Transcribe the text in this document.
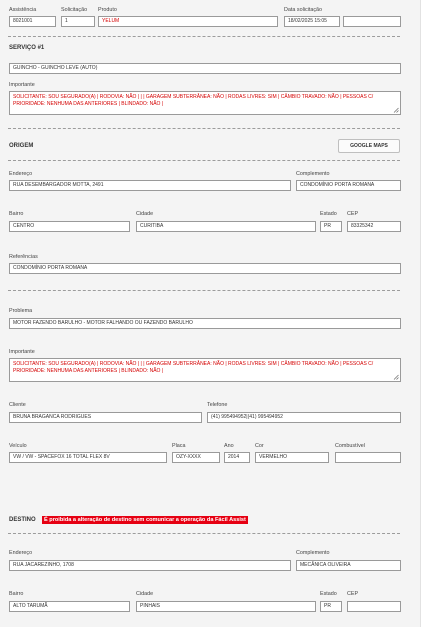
Assistência
8021001
Solicitação
1
Produto
YELUM
Data solicitação
18/02/2025 15:05
SERVIÇO #1
GUINCHO - GUINCHO LEVE (AUTO)
Importante
SOLICITANTE: SOU SEGURADO(A) | RODOVIA: NÃO | | | GARAGEM SUBTERRÂNEA: NÃO | RODAS LIVRES: SIM | CÂMBIO TRAVADO: NÃO | PESSOAS C/ PRIORIDADE: NENHUMA DAS ANTERIORES | BLINDADO: NÃO |
ORIGEM	GOOGLE MAPS
Endereço
RUA DESEMBARGADOR MOTTA, 2491
Complemento
CONDOMÍNIO PORTA ROMANA
Bairro
CENTRO
Cidade
CURITIBA
Estado
PR
CEP
83325342
Referências
CONDOMÍNIO PORTA ROMANA
Problema
MOTOR FAZENDO BARULHO - MOTOR FALHANDO OU FAZENDO BARULHO
Importante
SOLICITANTE: SOU SEGURADO(A) | RODOVIA: NÃO | | | GARAGEM SUBTERRÂNEA: NÃO | RODAS LIVRES: SIM | CÂMBIO TRAVADO: NÃO | PESSOAS C/ PRIORIDADE: NENHUMA DAS ANTERIORES | BLINDADO: NÃO |
Cliente
BRUNA BRAGANCA RODRIGUES
Telefone
(41) 995494952|(41) 995494952
Veículo
VW / VW - SPACEFOX 16 TOTAL FLEX 8V
Placa
OZY-XXXX
Ano
2014
Cor
VERMELHO
Combustível
DESTINO	É proibida a alteração de destino sem comunicar a operação da Fácil Assist
Endereço
RUA JACAREZINHO, 1708
Complemento
MECÂNICA OLIVEIRA
Bairro
ALTO TARUMÃ
Cidade
PINHAIS
Estado
PR
CEP
